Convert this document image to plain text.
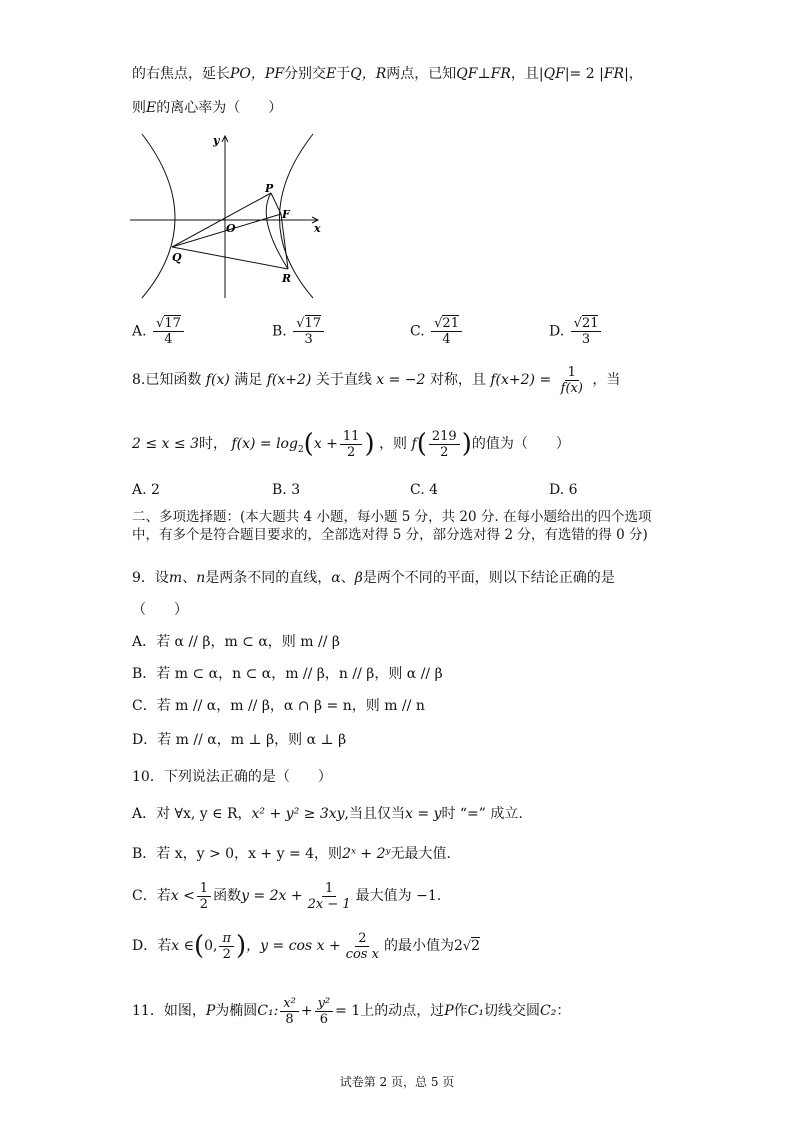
的右焦点，延长PO，PF分别交E于Q，R两点，已知QF⊥FR，且|QF|= 2 |FR|，
则E的离心率为（　　）
y
x
O
P
F
Q
R
A. $\frac{√17}{4}$	B. $\frac{√17}{3}$	C. $\frac{√21}{4}$	D. $\frac{√21}{3}$
8.已知函数 f(x) 满足 f(x+2) 关于直线 x = −2 对称，且 $f(x+2) = \frac{1}{f(x)}$ ，当
2 ≤ x ≤ 3时， $f(x) = \log_2(x + \frac{11}{2}$ ) ，则 $f( \frac{219}{2}$ )的值为（　　）
A. 2	B. 3	C. 4	D. 6
二、多项选择题：(本大题共 4 小题，每小题 5 分，共 20 分. 在每小题给出的四个选项中，有多个是符合题目要求的，全部选对得 5 分，部分选对得 2 分，有选错的得 0 分)
9．设m、n是两条不同的直线，α、β是两个不同的平面，则以下结论正确的是
（　　）
A．若 α // β，m ⊂ α，则 m // β
B．若 m ⊂ α，n ⊂ α，m // β，n // β，则 α // β
C．若 m // α，m // β，α ∩ β = n，则 m // n
D．若 m // α，m ⊥ β，则 α ⊥ β
10．下列说法正确的是（　　）
A．对 ∀x, y ∈ R，x² + y² ≥ 3xy,当且仅当x = y时 “=” 成立.
B．若 x，y > 0，x + y = 4，则2ˣ + 2ʸ无最大值.
C．若$x < \frac{1}{2}$ 函数$y = 2x + \frac{1}{2x - 1}$ 最大值为 −1.
D．若x ∈(0, $\frac{\pi}{2}$ )，$y = \cos x + \frac{2}{\text{cos x}}$ 的最小值为2√2
11．如图，P为椭圆C₁: $\frac{\text{x²}}{8} + \frac{\text{y²}}{6} = 1$上的动点，过P作C₁切线交圆C₂：
试卷第 2 页，总 5 页
